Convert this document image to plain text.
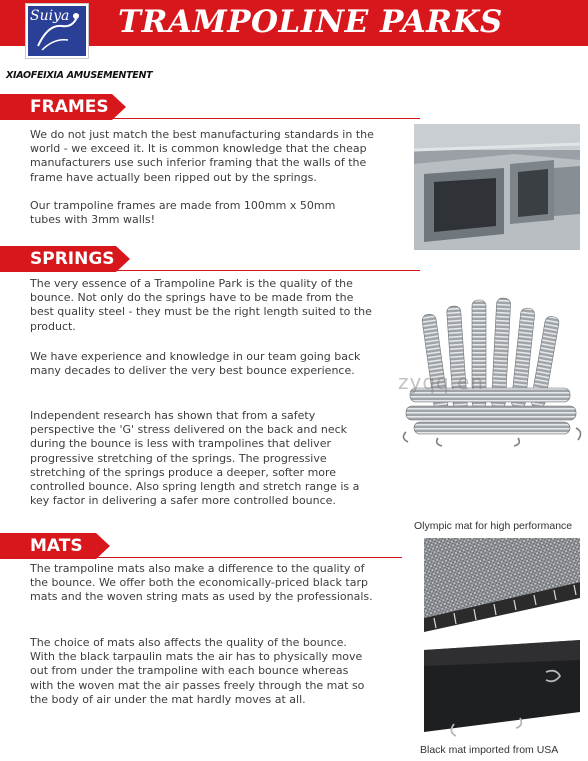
TRAMPOLINE PARKS
Suiya
XIAOFEIXIA AMUSEMENTENT
FRAMES

We do not just match the best manufacturing standards in the world - we exceed it. It is common knowledge that the cheap manufacturers use such inferior framing that the walls of the frame have actually been ripped out by the springs.

Our trampoline frames are made from 100mm x 50mm tubes with 3mm walls!

SPRINGS

The very essence of a Trampoline Park is the quality of the bounce. Not only do the springs have to be made from the best quality steel - they must be the right length suited to the product.

We have experience and knowledge in our team going back many decades to deliver the very best bounce experience.

Independent research has shown that from a safety perspective the 'G' stress delivered on the back and neck during the bounce is less with trampolines that deliver progressive stretching of the springs. The progressive stretching of the springs produce a deeper, softer more controlled bounce. Also spring length and stretch range is a key factor in delivering a safer more controlled bounce.

zyqq.en
Olympic mat for high performance
MATS

The trampoline mats also make a difference to the quality of the bounce. We offer both the economically-priced black tarp mats and the woven string mats as used by the professionals.

The choice of mats also affects the quality of the bounce. With the black tarpaulin mats the air has to physically move out from under the trampoline with each bounce whereas with the woven mat the air passes freely through the mat so the body of air under the mat hardly moves at all.

Black mat imported from USA
